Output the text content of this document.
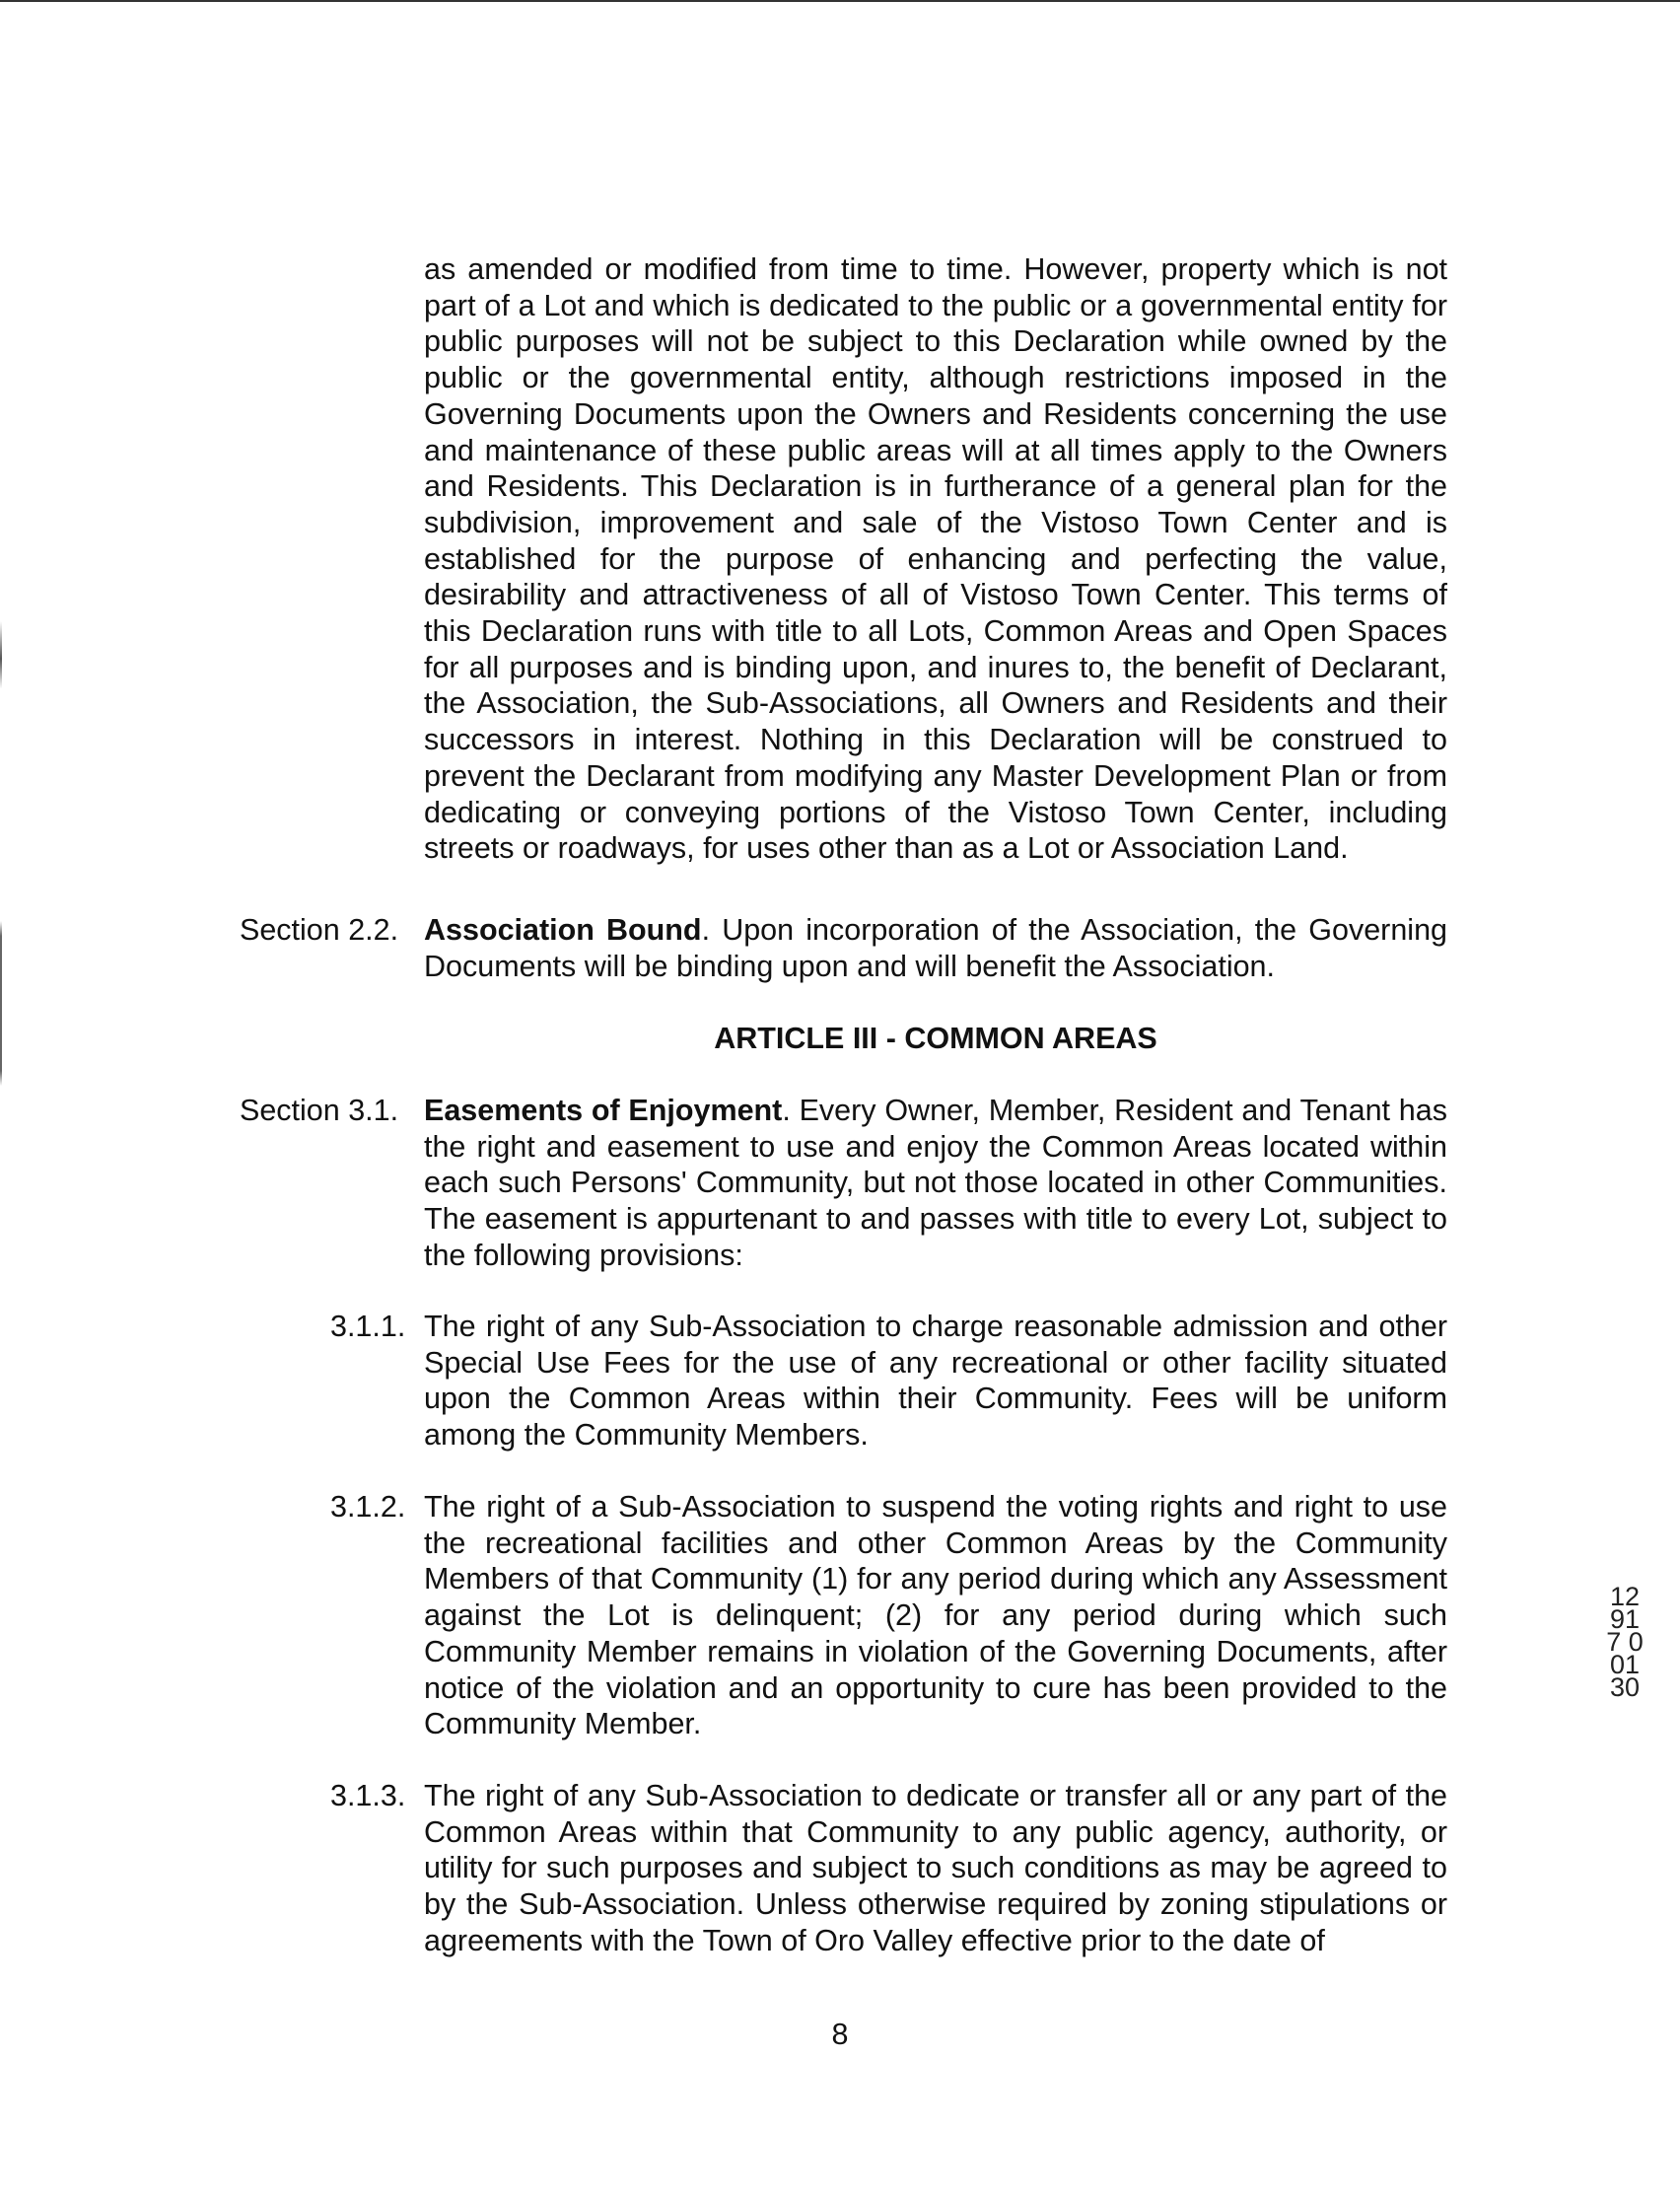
as amended or modified from time to time. However, property which is not part of a Lot and which is dedicated to the public or a governmental entity for public purposes will not be subject to this Declaration while owned by the public or the governmental entity, although restrictions imposed in the Governing Documents upon the Owners and Residents concerning the use and maintenance of these public areas will at all times apply to the Owners and Residents. This Declaration is in furtherance of a general plan for the subdivision, improvement and sale of the Vistoso Town Center and is established for the purpose of enhancing and perfecting the value, desirability and attractiveness of all of Vistoso Town Center. This terms of this Declaration runs with title to all Lots, Common Areas and Open Spaces for all purposes and is binding upon, and inures to, the benefit of Declarant, the Association, the Sub-Associations, all Owners and Residents and their successors in interest. Nothing in this Declaration will be construed to prevent the Declarant from modifying any Master Development Plan or from dedicating or conveying portions of the Vistoso Town Center, including streets or roadways, for uses other than as a Lot or Association Land.
Section 2.2. Association Bound. Upon incorporation of the Association, the Governing Documents will be binding upon and will benefit the Association.
ARTICLE III - COMMON AREAS
Section 3.1. Easements of Enjoyment. Every Owner, Member, Resident and Tenant has the right and easement to use and enjoy the Common Areas located within each such Persons' Community, but not those located in other Communities. The easement is appurtenant to and passes with title to every Lot, subject to the following provisions:
3.1.1. The right of any Sub-Association to charge reasonable admission and other Special Use Fees for the use of any recreational or other facility situated upon the Common Areas within their Community. Fees will be uniform among the Community Members.
3.1.2. The right of a Sub-Association to suspend the voting rights and right to use the recreational facilities and other Common Areas by the Community Members of that Community (1) for any period during which any Assessment against the Lot is delinquent; (2) for any period during which such Community Member remains in violation of the Governing Documents, after notice of the violation and an opportunity to cure has been provided to the Community Member.
3.1.3. The right of any Sub-Association to dedicate or transfer all or any part of the Common Areas within that Community to any public agency, authority, or utility for such purposes and subject to such conditions as may be agreed to by the Sub-Association. Unless otherwise required by zoning stipulations or agreements with the Town of Oro Valley effective prior to the date of
8
12917 00130
